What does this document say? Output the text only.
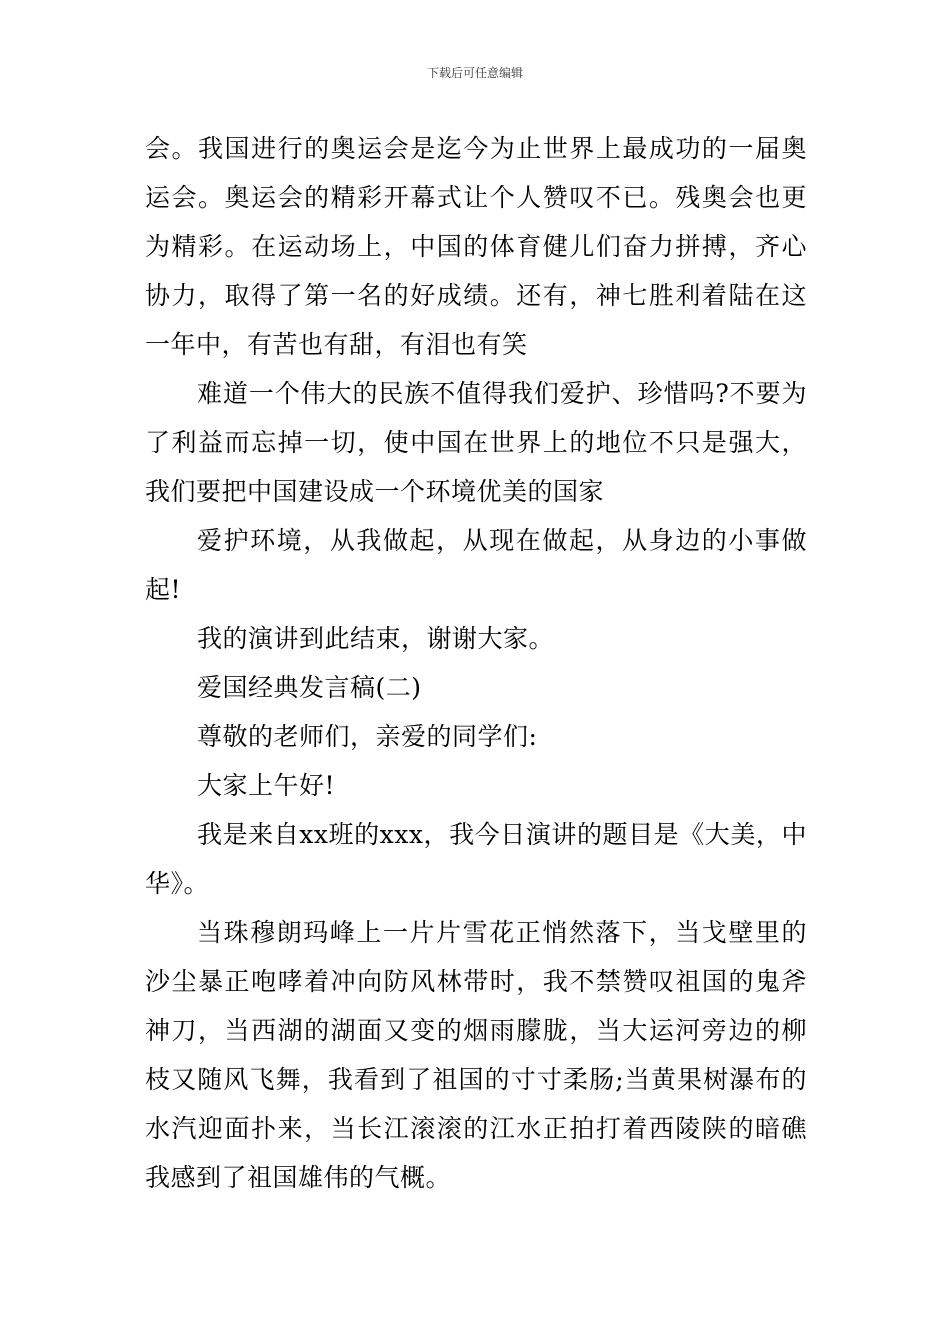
下载后可任意编辑

会。我国进行的奥运会是迄今为止世界上最成功的一届奥运会。奥运会的精彩开幕式让个人赞叹不已。残奥会也更为精彩。在运动场上，中国的体育健儿们奋力拼搏，齐心协力，取得了第一名的好成绩。还有，神七胜利着陆在这一年中，有苦也有甜，有泪也有笑

难道一个伟大的民族不值得我们爱护、珍惜吗?不要为了利益而忘掉一切，使中国在世界上的地位不只是强大，我们要把中国建设成一个环境优美的国家

爱护环境，从我做起，从现在做起，从身边的小事做起!

我的演讲到此结束，谢谢大家。

爱国经典发言稿(二)

尊敬的老师们，亲爱的同学们:

大家上午好!

我是来自xx班的xxx，我今日演讲的题目是《大美，中华》。

当珠穆朗玛峰上一片片雪花正悄然落下，当戈壁里的沙尘暴正咆哮着冲向防风林带时，我不禁赞叹祖国的鬼斧神刀，当西湖的湖面又变的烟雨朦胧，当大运河旁边的柳枝又随风飞舞，我看到了祖国的寸寸柔肠;当黄果树瀑布的水汽迎面扑来，当长江滚滚的江水正拍打着西陵陕的暗礁我感到了祖国雄伟的气概。
